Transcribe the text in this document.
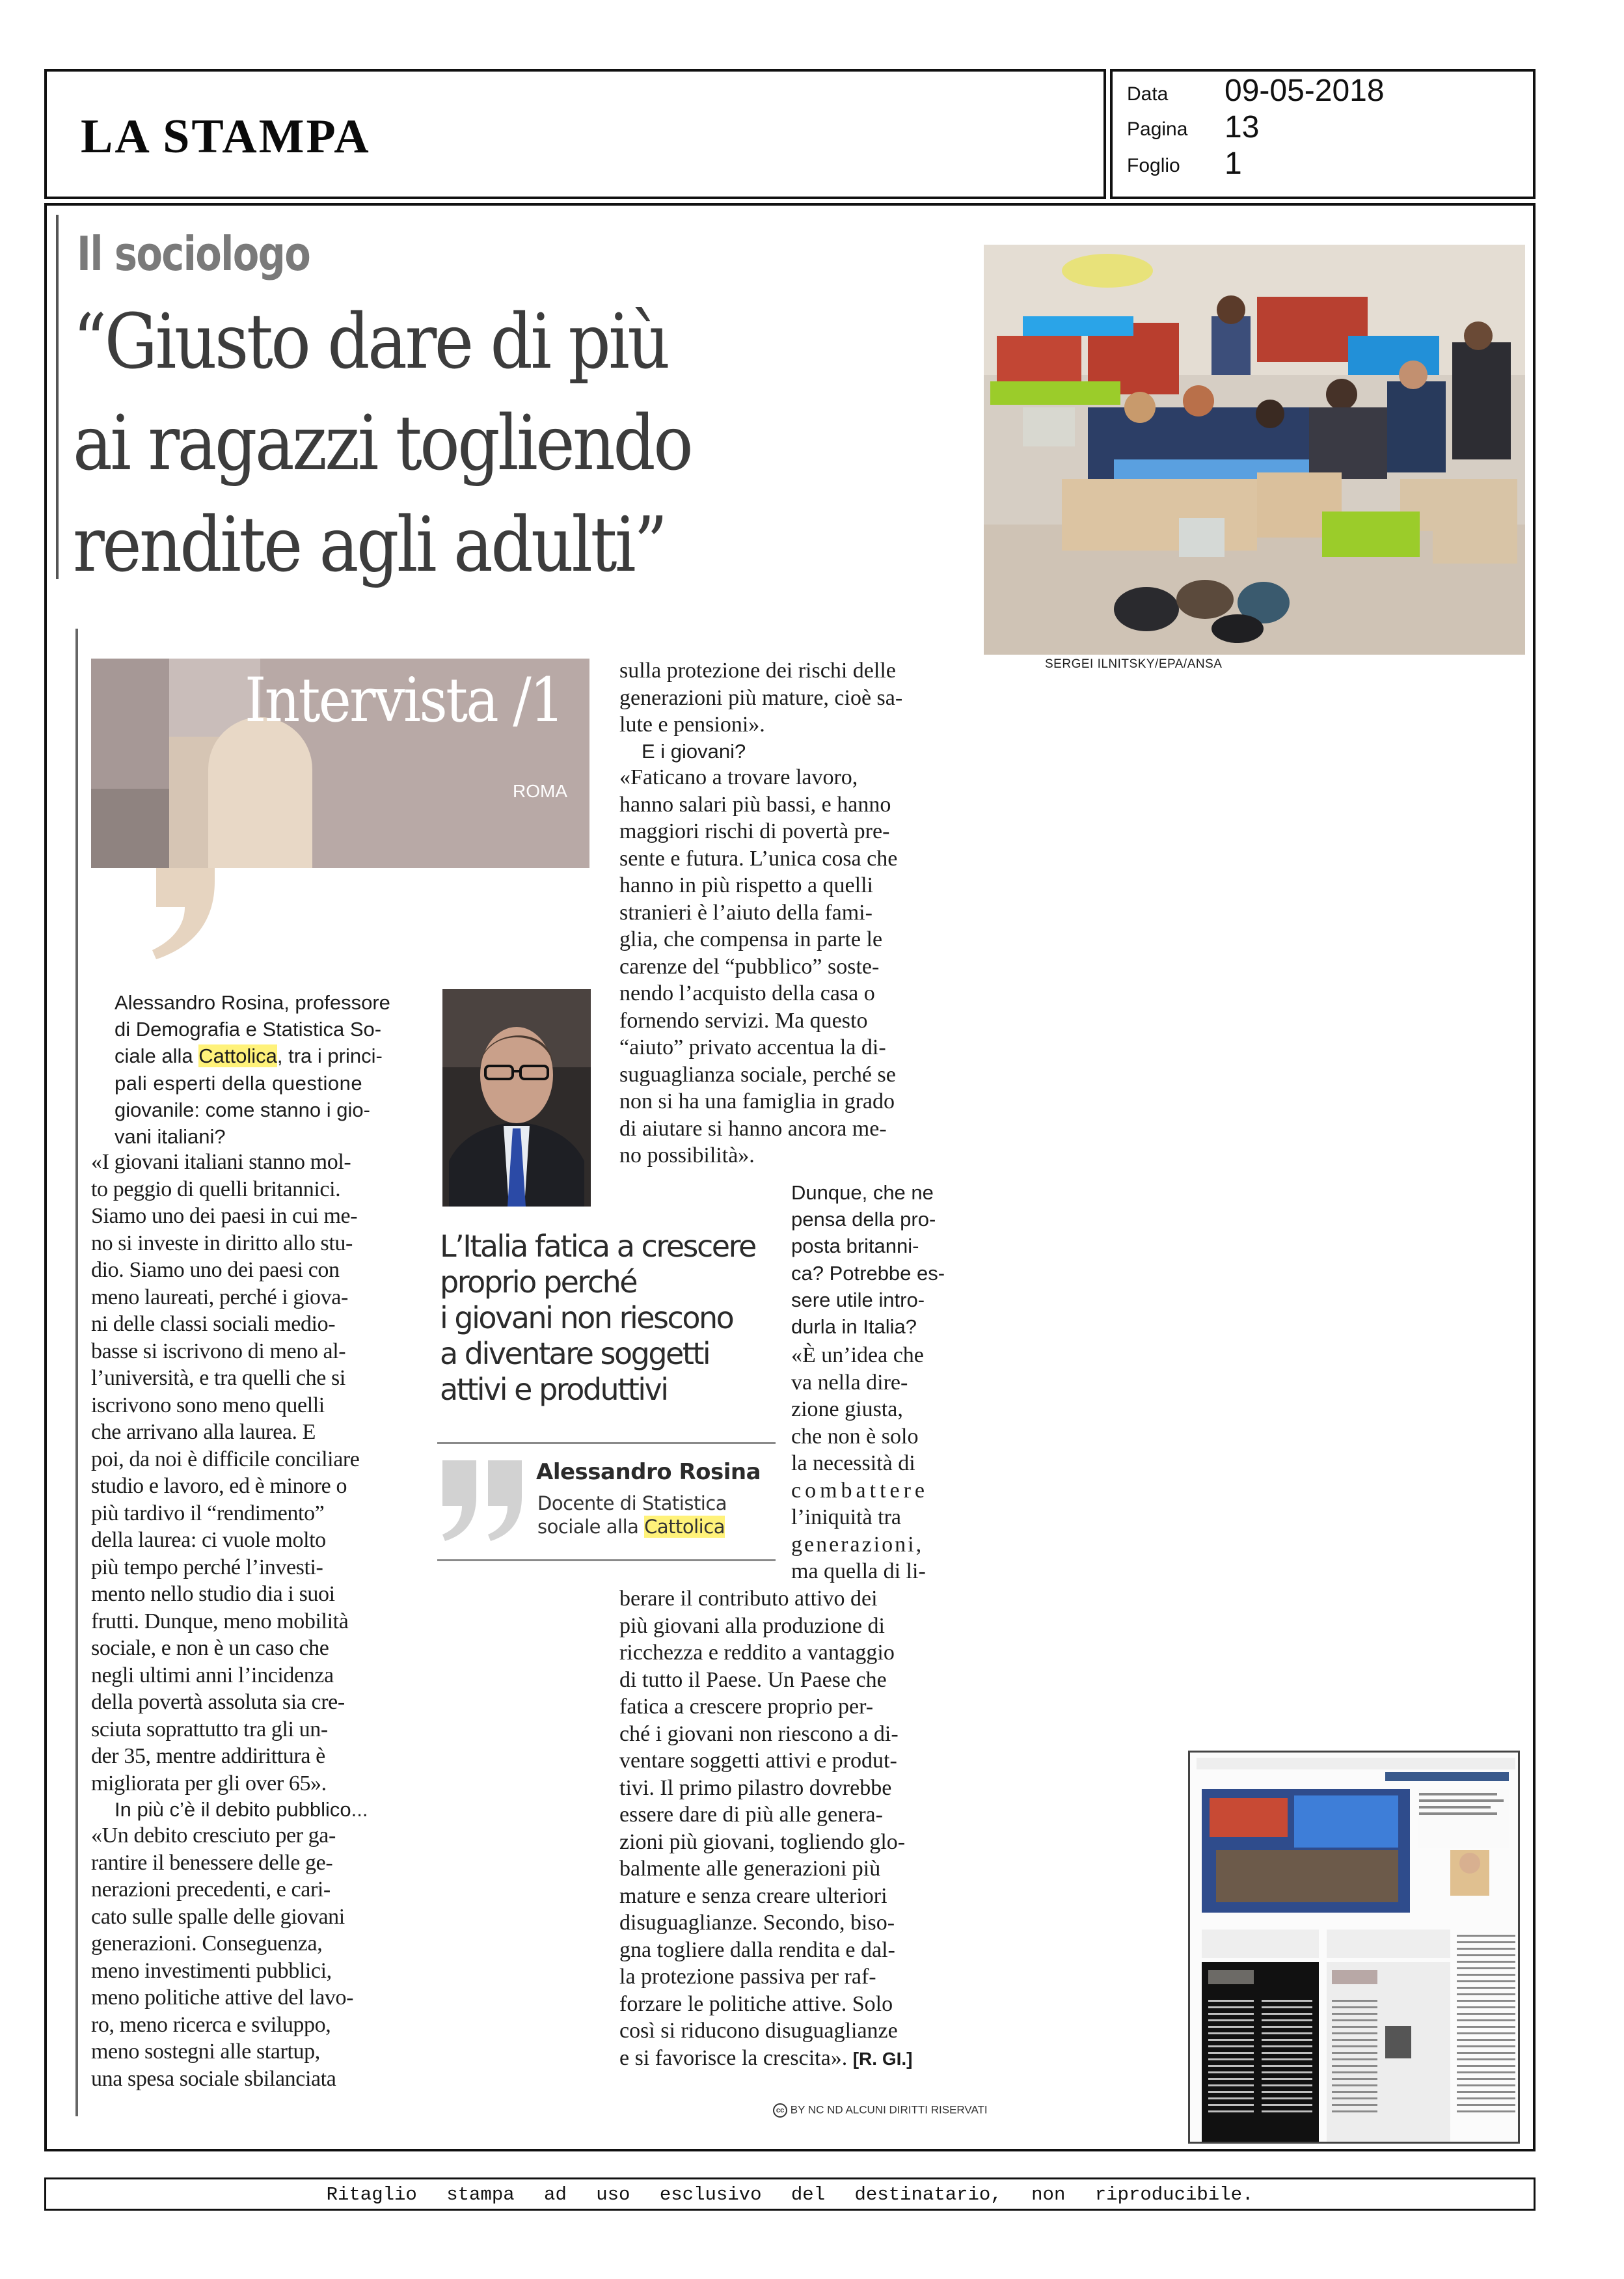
LA STAMPA
Data 09-05-2018
Pagina 13
Foglio 1
Il sociologo
“Giusto dare di più
ai ragazzi togliendo
rendite agli adulti”
SERGEI ILNITSKY/EPA/ANSA
Intervista /1
ROMA
Alessandro Rosina, professore
di Demografia e Statistica So-
ciale alla Cattolica, tra i princi-
pali esperti della questione
giovanile: come stanno i gio-
vani italiani?
«I giovani italiani stanno mol-
to peggio di quelli britannici.
Siamo uno dei paesi in cui me-
no si investe in diritto allo stu-
dio. Siamo uno dei paesi con
meno laureati, perché i giova-
ni delle classi sociali medio-
basse si iscrivono di meno al-
l’università, e tra quelli che si
iscrivono sono meno quelli
che arrivano alla laurea. E
poi, da noi è difficile conciliare
studio e lavoro, ed è minore o
più tardivo il “rendimento”
della laurea: ci vuole molto
più tempo perché l’investi-
mento nello studio dia i suoi
frutti. Dunque, meno mobilità
sociale, e non è un caso che
negli ultimi anni l’incidenza
della povertà assoluta sia cre-
sciuta soprattutto tra gli un-
der 35, mentre addirittura è
migliorata per gli over 65».
In più c’è il debito pubblico...
«Un debito cresciuto per ga-
rantire il benessere delle ge-
nerazioni precedenti, e cari-
cato sulle spalle delle giovani
generazioni. Conseguenza,
meno investimenti pubblici,
meno politiche attive del lavo-
ro, meno ricerca e sviluppo,
meno sostegni alle startup,
una spesa sociale sbilanciata
L’Italia fatica a crescere
proprio perché
i giovani non riescono
a diventare soggetti
attivi e produttivi
Alessandro Rosina
Docente di Statistica
sociale alla Cattolica
sulla protezione dei rischi delle
generazioni più mature, cioè sa-
lute e pensioni».
E i giovani?
«Faticano a trovare lavoro,
hanno salari più bassi, e hanno
maggiori rischi di povertà pre-
sente e futura. L’unica cosa che
hanno in più rispetto a quelli
stranieri è l’aiuto della fami-
glia, che compensa in parte le
carenze del “pubblico” soste-
nendo l’acquisto della casa o
fornendo servizi. Ma questo
“aiuto” privato accentua la di-
suguaglianza sociale, perché se
non si ha una famiglia in grado
di aiutare si hanno ancora me-
no possibilità».
Dunque, che ne
pensa della pro-
posta britanni-
ca? Potrebbe es-
sere utile intro-
durla in Italia?
«È un’idea che
va nella dire-
zione giusta,
che non è solo
la necessità di
combattere
l’iniquità tra
generazioni,
ma quella di li-
berare il contributo attivo dei
più giovani alla produzione di
ricchezza e reddito a vantaggio
di tutto il Paese. Un Paese che
fatica a crescere proprio per-
ché i giovani non riescono a di-
ventare soggetti attivi e produt-
tivi. Il primo pilastro dovrebbe
essere dare di più alle genera-
zioni più giovani, togliendo glo-
balmente alle generazioni più
mature e senza creare ulteriori
disuguaglianze. Secondo, biso-
gna togliere dalla rendita e dal-
la protezione passiva per raf-
forzare le politiche attive. Solo
così si riducono disuguaglianze
e si favorisce la crescita». [R. GI.]
cc BY NC ND ALCUNI DIRITTI RISERVATI
Ritaglio stampa ad uso esclusivo del destinatario, non riproducibile.
